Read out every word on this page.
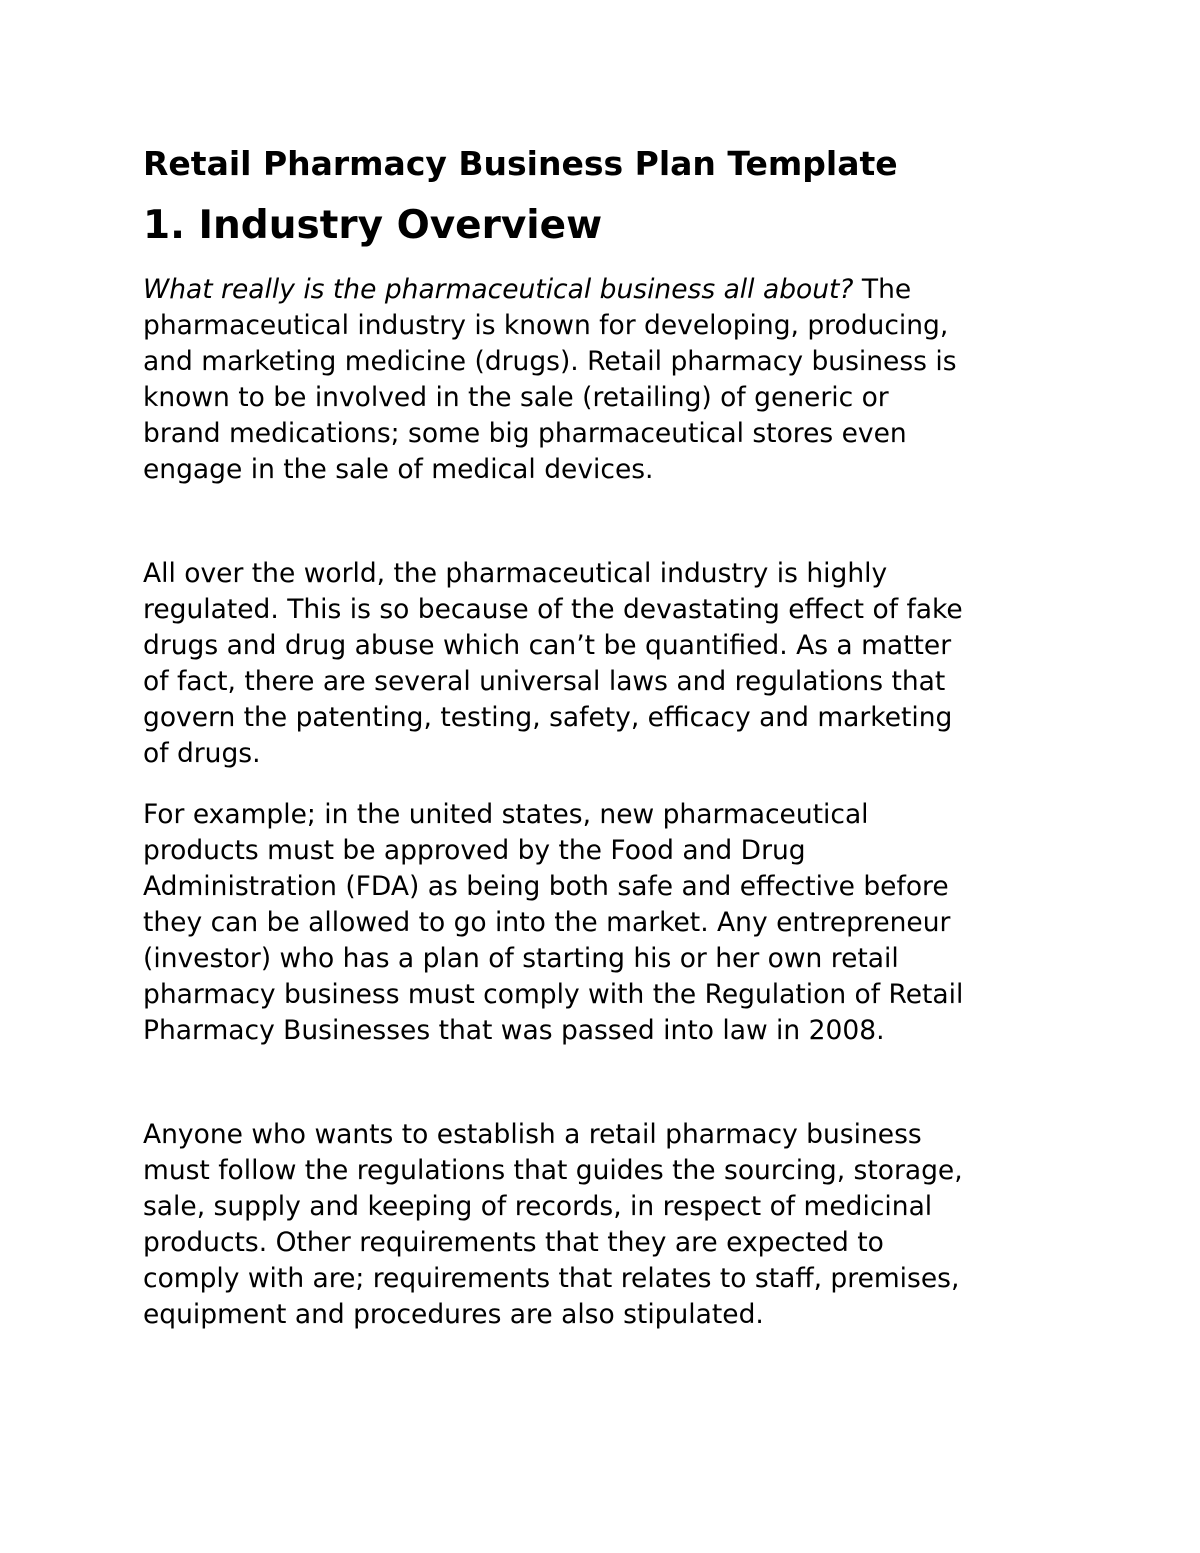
Retail Pharmacy Business Plan Template
1. Industry Overview

What really is the pharmaceutical business all about? The
pharmaceutical industry is known for developing, producing,
and marketing medicine (drugs). Retail pharmacy business is
known to be involved in the sale (retailing) of generic or
brand medications; some big pharmaceutical stores even
engage in the sale of medical devices.

All over the world, the pharmaceutical industry is highly
regulated. This is so because of the devastating effect of fake
drugs and drug abuse which can’t be quantified. As a matter
of fact, there are several universal laws and regulations that
govern the patenting, testing, safety, efficacy and marketing
of drugs.

For example; in the united states, new pharmaceutical
products must be approved by the Food and Drug
Administration (FDA) as being both safe and effective before
they can be allowed to go into the market. Any entrepreneur
(investor) who has a plan of starting his or her own retail
pharmacy business must comply with the Regulation of Retail
Pharmacy Businesses that was passed into law in 2008.

Anyone who wants to establish a retail pharmacy business
must follow the regulations that guides the sourcing, storage,
sale, supply and keeping of records, in respect of medicinal
products. Other requirements that they are expected to
comply with are; requirements that relates to staff, premises,
equipment and procedures are also stipulated.
